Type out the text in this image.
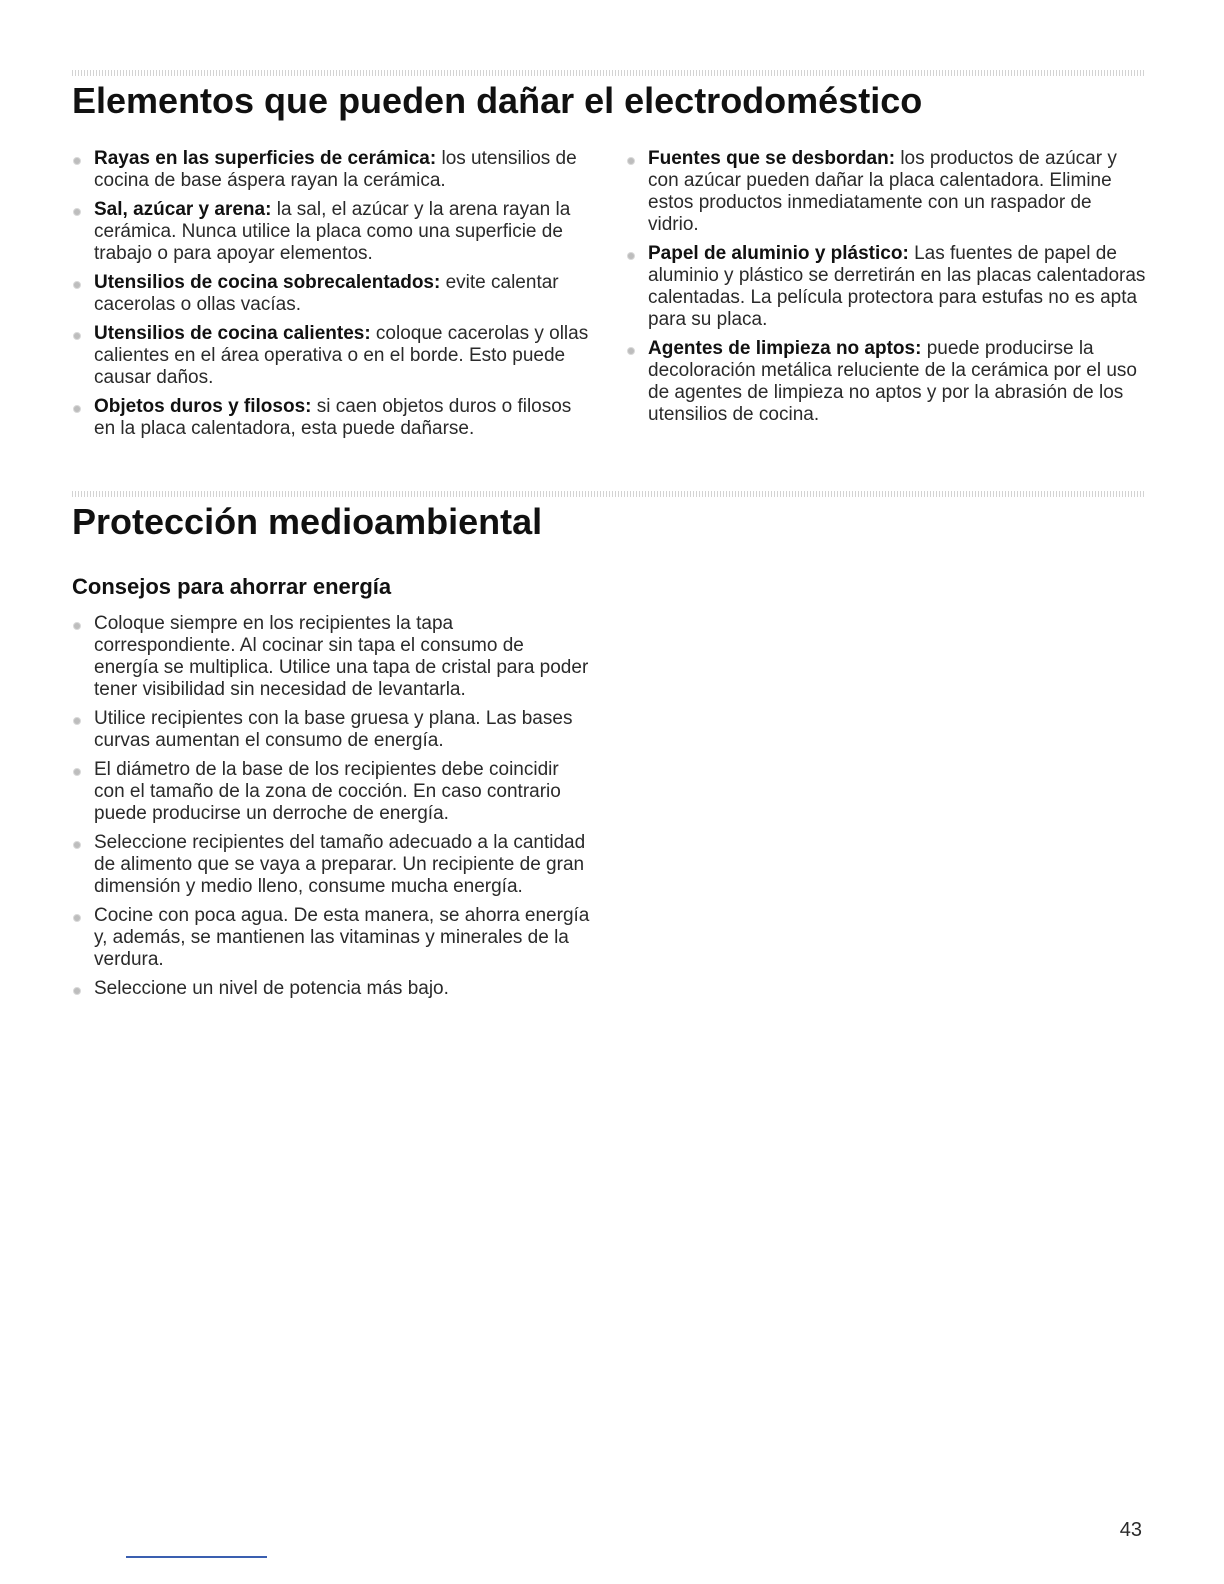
Elementos que pueden dañar el electrodoméstico
Rayas en las superficies de cerámica: los utensilios de cocina de base áspera rayan la cerámica.
Sal, azúcar y arena: la sal, el azúcar y la arena rayan la cerámica. Nunca utilice la placa como una superficie de trabajo o para apoyar elementos.
Utensilios de cocina sobrecalentados: evite calentar cacerolas o ollas vacías.
Utensilios de cocina calientes: coloque cacerolas y ollas calientes en el área operativa o en el borde. Esto puede causar daños.
Objetos duros y filosos: si caen objetos duros o filosos en la placa calentadora, esta puede dañarse.
Fuentes que se desbordan: los productos de azúcar y con azúcar pueden dañar la placa calentadora. Elimine estos productos inmediatamente con un raspador de vidrio.
Papel de aluminio y plástico: Las fuentes de papel de aluminio y plástico se derretirán en las placas calentadoras calentadas. La película protectora para estufas no es apta para su placa.
Agentes de limpieza no aptos: puede producirse la decoloración metálica reluciente de la cerámica por el uso de agentes de limpieza no aptos y por la abrasión de los utensilios de cocina.
Protección medioambiental
Consejos para ahorrar energía
Coloque siempre en los recipientes la tapa correspondiente. Al cocinar sin tapa el consumo de energía se multiplica. Utilice una tapa de cristal para poder tener visibilidad sin necesidad de levantarla.
Utilice recipientes con la base gruesa y plana. Las bases curvas aumentan el consumo de energía.
El diámetro de la base de los recipientes debe coincidir con el tamaño de la zona de cocción. En caso contrario puede producirse un derroche de energía.
Seleccione recipientes del tamaño adecuado a la cantidad de alimento que se vaya a preparar. Un recipiente de gran dimensión y medio lleno, consume mucha energía.
Cocine con poca agua. De esta manera, se ahorra energía y, además, se mantienen las vitaminas y minerales de la verdura.
Seleccione un nivel de potencia más bajo.
43
